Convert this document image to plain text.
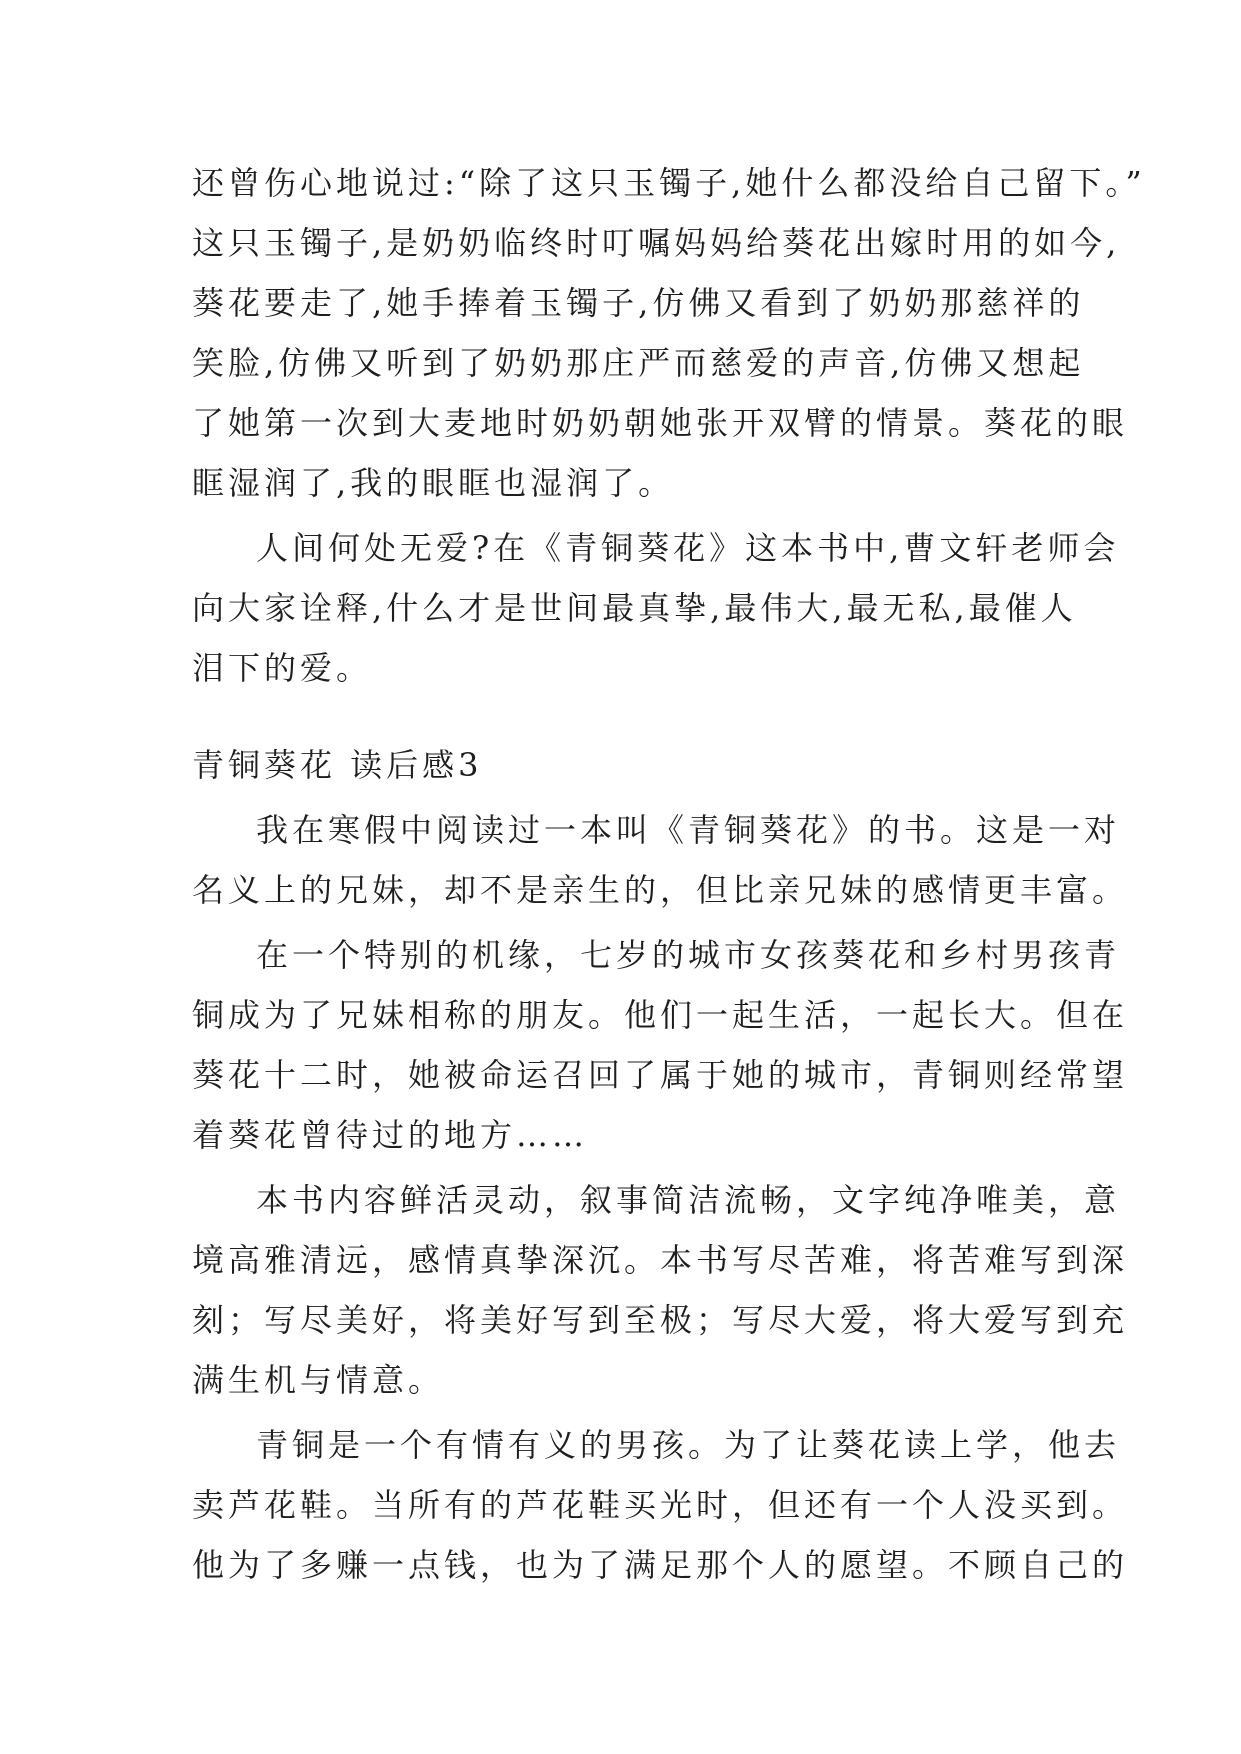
还曾伤心地说过:“除了这只玉镯子,她什么都没给自己留下。”
这只玉镯子,是奶奶临终时叮嘱妈妈给葵花出嫁时用的如今,
葵花要走了,她手捧着玉镯子,仿佛又看到了奶奶那慈祥的
笑脸,仿佛又听到了奶奶那庄严而慈爱的声音,仿佛又想起
了她第一次到大麦地时奶奶朝她张开双臂的情景。葵花的眼
眶湿润了,我的眼眶也湿润了。
人间何处无爱?在《青铜葵花》这本书中,曹文轩老师会
向大家诠释,什么才是世间最真挚,最伟大,最无私,最催人
泪下的爱。
青铜葵花 读后感3
我在寒假中阅读过一本叫《青铜葵花》的书。这是一对
名义上的兄妹，却不是亲生的，但比亲兄妹的感情更丰富。
在一个特别的机缘，七岁的城市女孩葵花和乡村男孩青
铜成为了兄妹相称的朋友。他们一起生活，一起长大。但在
葵花十二时，她被命运召回了属于她的城市，青铜则经常望
着葵花曾待过的地方……
本书内容鲜活灵动，叙事简洁流畅，文字纯净唯美，意
境高雅清远，感情真挚深沉。本书写尽苦难，将苦难写到深
刻；写尽美好，将美好写到至极；写尽大爱，将大爱写到充
满生机与情意。
青铜是一个有情有义的男孩。为了让葵花读上学，他去
卖芦花鞋。当所有的芦花鞋买光时，但还有一个人没买到。
他为了多赚一点钱，也为了满足那个人的愿望。不顾自己的
